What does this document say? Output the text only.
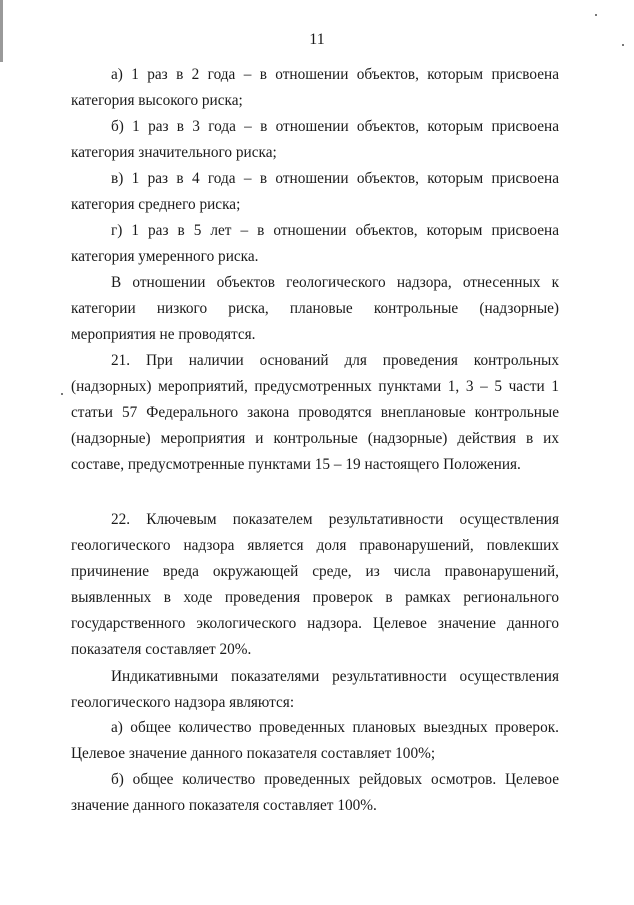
11

а) 1 раз в 2 года – в отношении объектов, которым присвоена категория высокого риска;

б) 1 раз в 3 года – в отношении объектов, которым присвоена категория значительного риска;

в) 1 раз в 4 года – в отношении объектов, которым присвоена категория среднего риска;

г) 1 раз в 5 лет – в отношении объектов, которым присвоена категория умеренного риска.

В отношении объектов геологического надзора, отнесенных к категории низкого риска, плановые контрольные (надзорные) мероприятия не проводятся.

21. При наличии оснований для проведения контрольных (надзорных) мероприятий, предусмотренных пунктами 1, 3 – 5 части 1 статьи 57 Федерального закона проводятся внеплановые контрольные (надзорные) мероприятия и контрольные (надзорные) действия в их составе, предусмотренные пунктами 15 – 19 настоящего Положения.

22. Ключевым показателем результативности осуществления геологического надзора является доля правонарушений, повлекших причинение вреда окружающей среде, из числа правонарушений, выявленных в ходе проведения проверок в рамках регионального государственного экологического надзора. Целевое значение данного показателя составляет 20%.

Индикативными показателями результативности осуществления геологического надзора являются:

а) общее количество проведенных плановых выездных проверок. Целевое значение данного показателя составляет 100%;

б) общее количество проведенных рейдовых осмотров. Целевое значение данного показателя составляет 100%.
